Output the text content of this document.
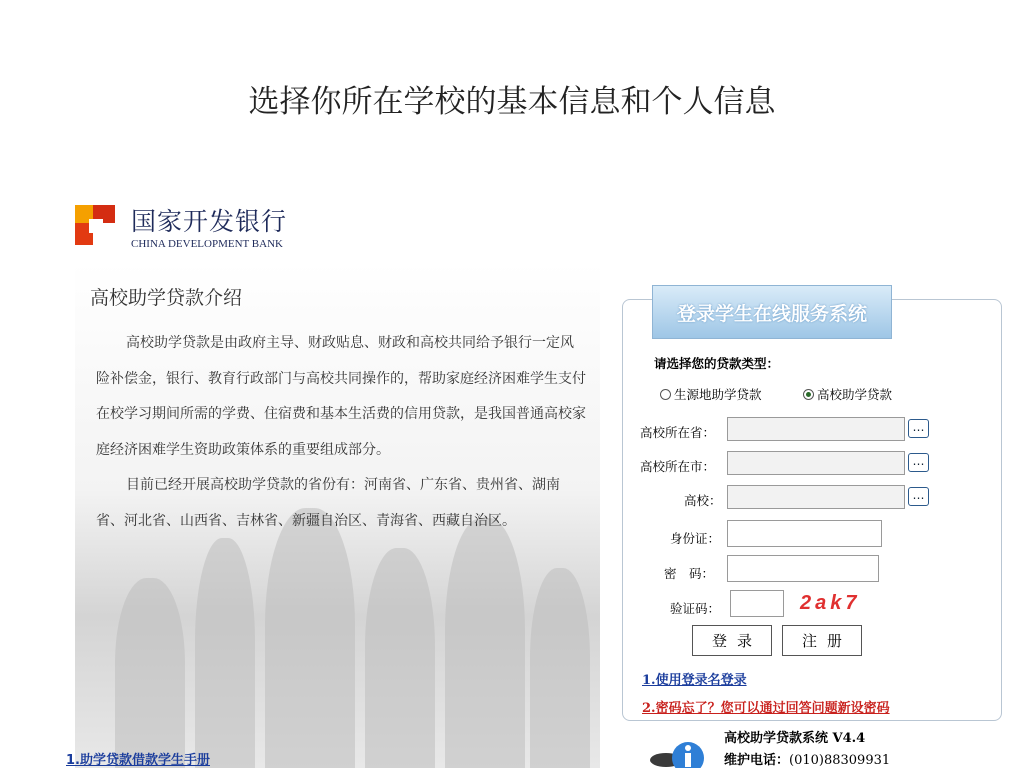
选择你所在学校的基本信息和个人信息
国家开发银行
CHINA DEVELOPMENT BANK
高校助学贷款介绍

高校助学贷款是由政府主导、财政贴息、财政和高校共同给予银行一定风险补偿金，银行、教育行政部门与高校共同操作的，帮助家庭经济困难学生支付在校学习期间所需的学费、住宿费和基本生活费的信用贷款，是我国普通高校家庭经济困难学生资助政策体系的重要组成部分。

目前已经开展高校助学贷款的省份有：河南省、广东省、贵州省、湖南省、河北省、山西省、吉林省、新疆自治区、青海省、西藏自治区。

1.助学贷款借款学生手册
登录学生在线服务系统
请选择您的贷款类型：
生源地助学贷款	高校助学贷款
高校所在省：	…
高校所在市：	…
高校：	…
身份证：
密　码：
验证码：	2ak7
登录	注册
1.使用登录名登录
2.密码忘了？您可以通过回答问题新设密码
高校助学贷款系统 V4.4
维护电话：(010)88309931
